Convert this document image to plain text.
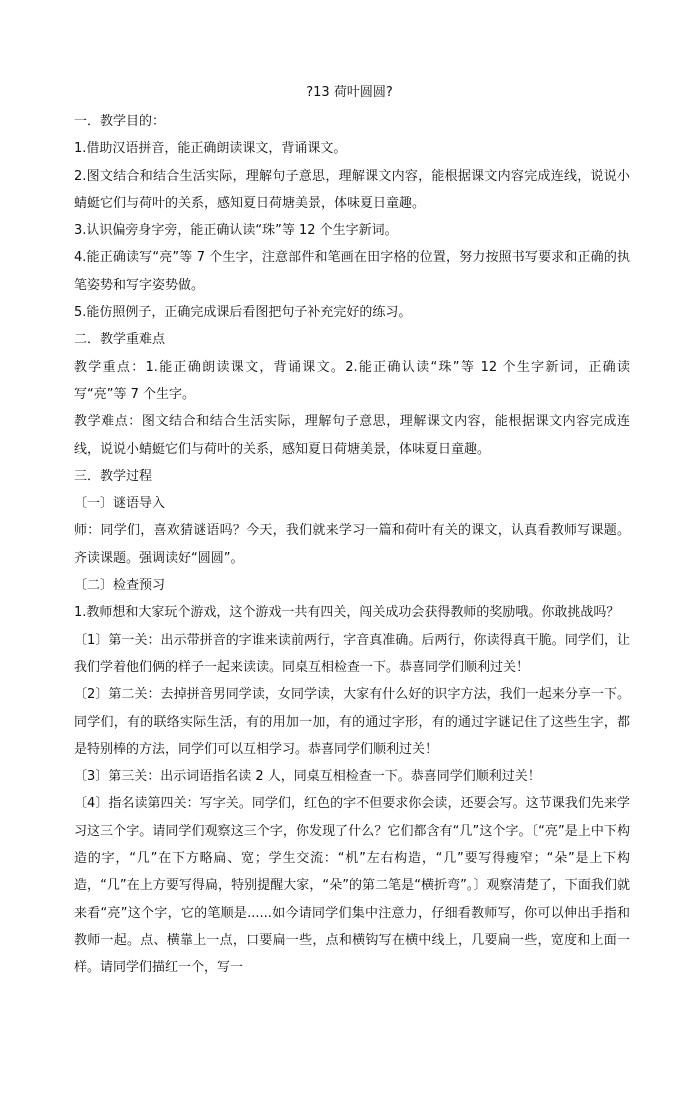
?13 荷叶圆圆?

一．教学目的：

1.借助汉语拼音，能正确朗读课文，背诵课文。

2.图文结合和结合生活实际，理解句子意思，理解课文内容，能根据课文内容完成连线，说说小蜻蜓它们与荷叶的关系，感知夏日荷塘美景，体味夏日童趣。

3.认识偏旁身字旁，能正确认读“珠”等 12 个生字新词。

4.能正确读写“亮”等 7 个生字，注意部件和笔画在田字格的位置，努力按照书写要求和正确的执笔姿势和写字姿势做。

5.能仿照例子，正确完成课后看图把句子补充完好的练习。

二．教学重难点

教学重点：1.能正确朗读课文，背诵课文。2.能正确认读“珠”等 12 个生字新词，正确读写“亮”等 7 个生字。

教学难点：图文结合和结合生活实际，理解句子意思，理解课文内容，能根据课文内容完成连线，说说小蜻蜓它们与荷叶的关系，感知夏日荷塘美景，体味夏日童趣。

三．教学过程

〔一〕谜语导入

师：同学们，喜欢猜谜语吗？今天，我们就来学习一篇和荷叶有关的课文，认真看教师写课题。齐读课题。强调读好“圆圆”。

〔二〕检查预习

1.教师想和大家玩个游戏，这个游戏一共有四关，闯关成功会获得教师的奖励哦。你敢挑战吗？

〔1〕第一关：出示带拼音的字谁来读前两行，字音真准确。后两行，你读得真干脆。同学们，让我们学着他们俩的样子一起来读读。同桌互相检查一下。恭喜同学们顺利过关！

〔2〕第二关：去掉拼音男同学读，女同学读，大家有什么好的识字方法，我们一起来分享一下。同学们，有的联络实际生活，有的用加一加，有的通过字形，有的通过字谜记住了这些生字，都是特别棒的方法，同学们可以互相学习。恭喜同学们顺利过关！

〔3〕第三关：出示词语指名读 2 人，同桌互相检查一下。恭喜同学们顺利过关！

〔4〕指名读第四关：写字关。同学们，红色的字不但要求你会读，还要会写。这节课我们先来学习这三个字。请同学们观察这三个字，你发现了什么？它们都含有“几”这个字。〔“亮”是上中下构造的字，“几”在下方略扁、宽；学生交流：“机”左右构造，“几”要写得瘦窄；“朵”是上下构造，“几”在上方要写得扁，特别提醒大家，“朵”的第二笔是“横折弯”。〕观察清楚了，下面我们就来看“亮”这个字，它的笔顺是......如今请同学们集中注意力，仔细看教师写，你可以伸出手指和教师一起。点、横靠上一点，口要扁一些，点和横钩写在横中线上，几要扁一些，宽度和上面一样。请同学们描红一个，写一
